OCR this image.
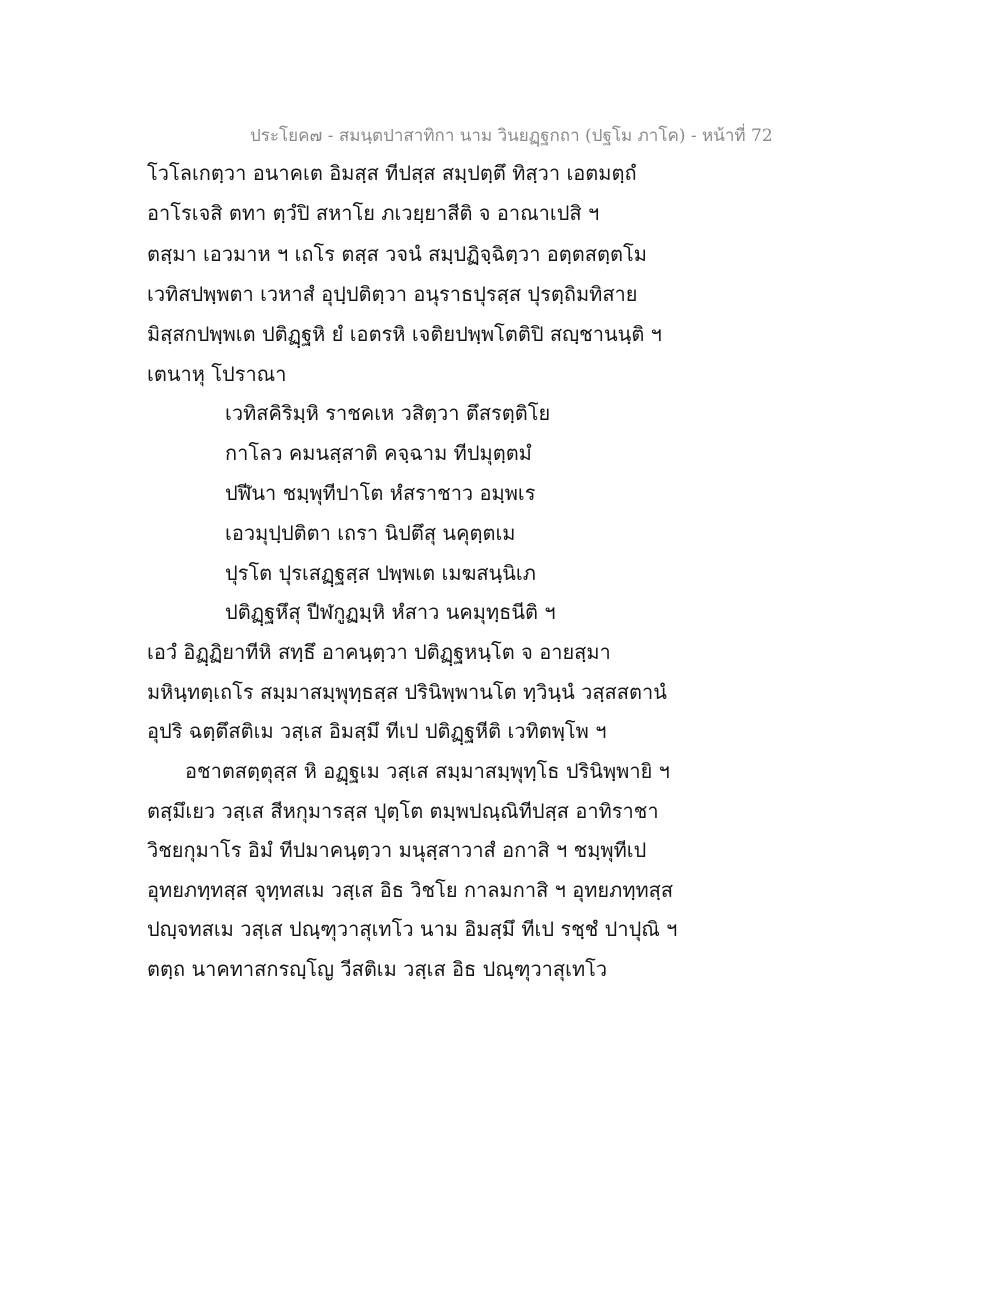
ประโยค๗ - สมนฺตปาสาทิกา นาม วินยฏฺฐกถา (ปฐโม ภาโค) - หน้าที่ 72
โวโลเกตฺวา อนาคเต อิมสฺส ทีปสฺส สมฺปตฺตึ ทิสฺวา เอตมตฺถํ
อาโรเจสิ ตทา ตฺวํปิ สหาโย ภเวยฺยาสีติ จ อาณาเปสิ ฯ
ตสฺมา เอวมาห ฯ เถโร ตสฺส วจนํ สมฺปฏิจฺฉิตฺวา อตฺตสตฺตโม
เวทิสปพฺพตา เวหาสํ อุปฺปติตฺวา อนุราธปุรสฺส ปุรตฺถิมทิสาย
มิสฺสกปพฺพเต ปติฏฺฐหิ ยํ เอตรหิ เจติยปพฺพโตติปิ สญฺชานนฺติ ฯ
เตนาหุ โปราณา
เวทิสคิริมฺหิ ราชคเห วสิตฺวา ตึสรตฺติโย
กาโลว คมนสฺสาติ คจฺฉาม ทีปมุตฺตมํ
ปฬีนา ชมฺพุทีปาโต หํสราชาว อมฺพเร
เอวมุปฺปติตา เถรา นิปตึสุ นคุตฺตเม
ปุรโต ปุรเสฏฺฐสฺส ปพฺพเต เมฆสนฺนิเภ
ปติฏฺฐหึสุ ปีฬกูฏมฺหิ หํสาว นคมุทฺธนีติ ฯ
เอวํ อิฏฺฏิยาทีหิ สทฺธึ อาคนฺตฺวา ปติฏฺฐหนฺโต จ อายสฺมา
มหินฺทตฺเถโร สมฺมาสมฺพุทฺธสฺส ปรินิพฺพานโต ทฺวินฺนํ วสฺสสตานํ
อุปริ ฉตฺตึสติเม วสฺเส อิมสฺมึ ทีเป ปติฏฺฐหีติ เวทิตพฺโพ ฯ
อชาตสตฺตุสฺส หิ อฏฺฐเม วสฺเส สมฺมาสมฺพุทฺโธ ปรินิพฺพายิ ฯ
ตสฺมึเยว วสฺเส สีหกุมารสฺส ปุตฺโต ตมฺพปณฺณิทีปสฺส อาทิราชา
วิชยกุมาโร อิมํ ทีปมาคนฺตฺวา มนุสฺสาวาสํ อกาสิ ฯ ชมฺพุทีเป
อุทยภทฺทสฺส จุทฺทสเม วสฺเส อิธ วิชโย กาลมกาสิ ฯ อุทยภทฺทสฺส
ปญฺจทสเม วสฺเส ปณฺฑุวาสุเทโว นาม อิมสฺมึ ทีเป รชฺชํ ปาปุณิ ฯ
ตตฺถ นาคทาสกรญฺโญ วีสติเม วสฺเส อิธ ปณฺฑุวาสุเทโว
